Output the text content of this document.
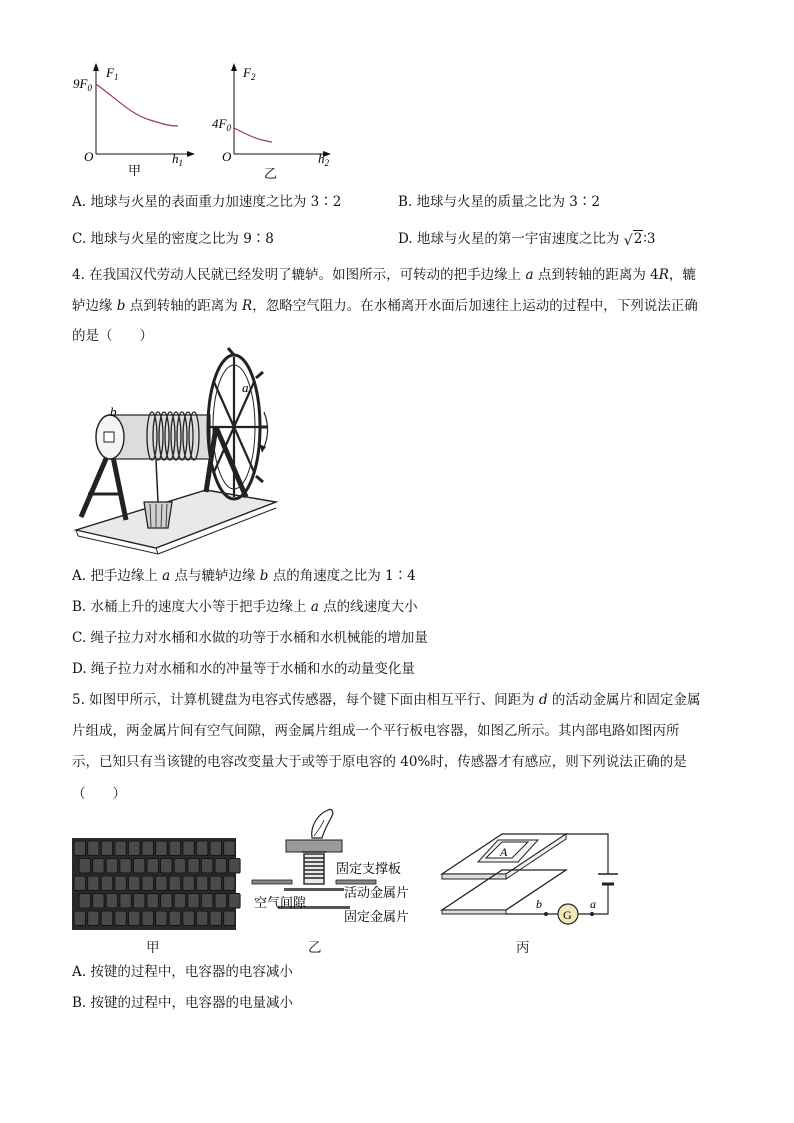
$F_1$
$9F_0$
O	$h_1$
甲
$F_2$
$4F_0$
O	$h_2$
乙
A. 地球与火星的表面重力加速度之比为 3∶2	B. 地球与火星的质量之比为 3∶2
C. 地球与火星的密度之比为 9∶8	D. 地球与火星的第一宇宙速度之比为 √ 2∶3
4. 在我国汉代劳动人民就已经发明了辘轳。如图所示，可转动的把手边缘上 a 点到转轴的距离为 4R，辘
轳边缘 b 点到转轴的距离为 R，忽略空气阻力。在水桶离开水面后加速往上运动的过程中，下列说法正确
的是（　　）
a
b
A. 把手边缘上 a 点与辘轳边缘 b 点的角速度之比为 1∶4
B. 水桶上升的速度大小等于把手边缘上 a 点的线速度大小
C. 绳子拉力对水桶和水做的功等于水桶和水机械能的增加量
D. 绳子拉力对水桶和水的冲量等于水桶和水的动量变化量
5. 如图甲所示，计算机键盘为电容式传感器，每个键下面由相互平行、间距为 d 的活动金属片和固定金属
片组成，两金属片间有空气间隙，两金属片组成一个平行板电容器，如图乙所示。其内部电路如图丙所
示，已知只有当该键的电容改变量大于或等于原电容的 40%时，传感器才有感应，则下列说法正确的是
（　　）
甲
固定支撑板
活动金属片
空气间隙
固定金属片
乙
A
G
b	a
丙
A. 按键的过程中，电容器的电容减小
B. 按键的过程中，电容器的电量减小
